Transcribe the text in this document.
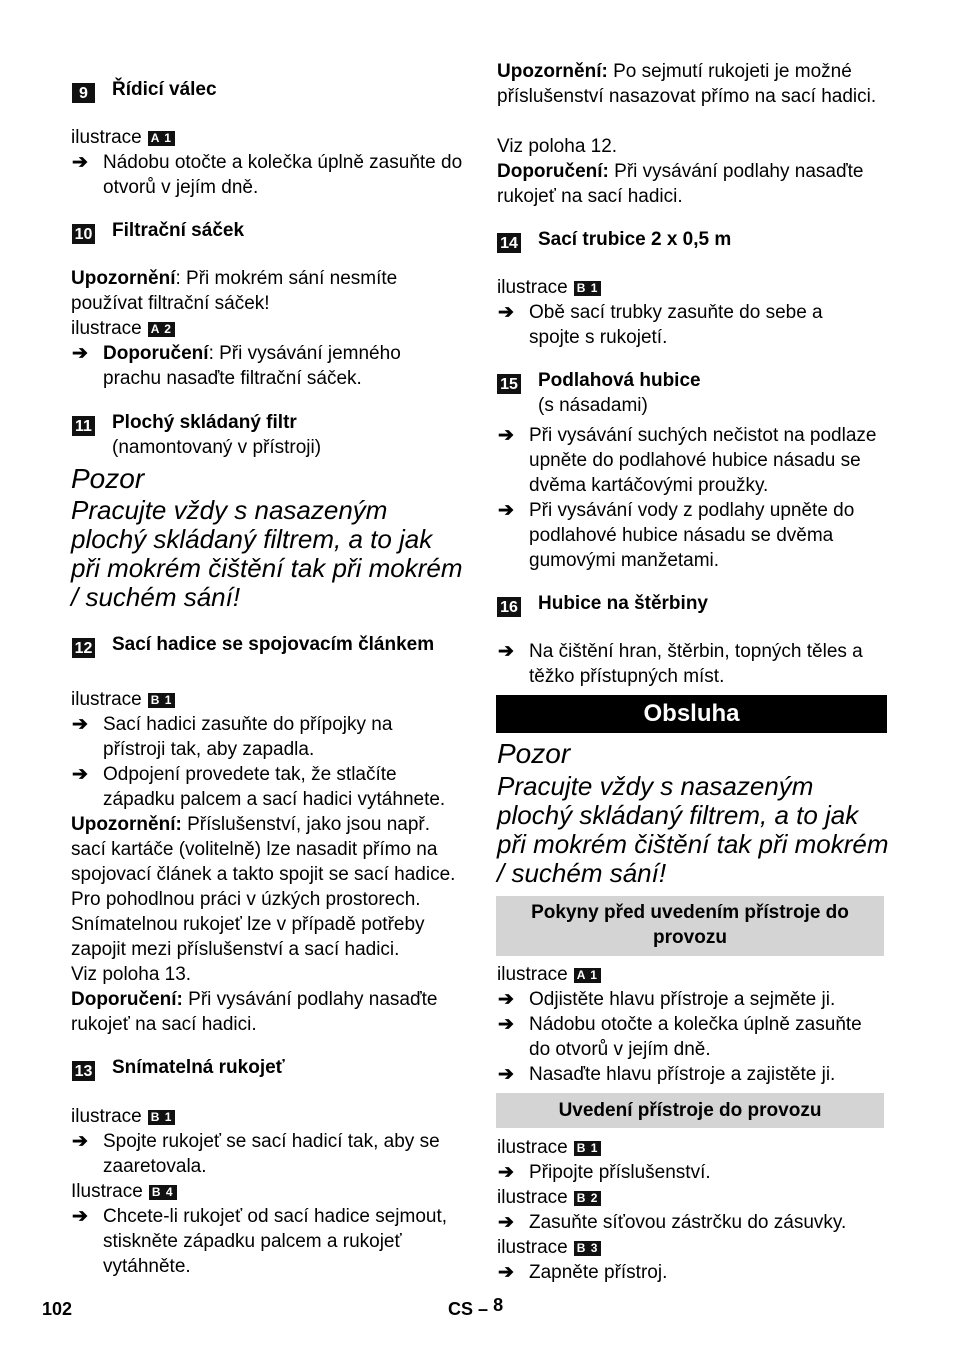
9	Řídicí válec
ilustrace A 1
➔ Nádobu otočte a kolečka úplně zasuňte do otvorů v jejím dně.
10 Filtrační sáček
Upozornění: Při mokrém sání nesmíte používat filtrační sáček!
ilustrace A 2
➔ Doporučení: Při vysávání jemného prachu nasaďte filtrační sáček.
11 Plochý skládaný filtr
(namontovaný v přístroji)
Pozor
Pracujte vždy s nasazeným plochý skládaný filtrem, a to jak při mokrém čištění tak při mokrém / suchém sání!
12 Sací hadice se spojovacím článkem
ilustrace B 1
➔ Sací hadici zasuňte do přípojky na přístroji tak, aby zapadla.
➔ Odpojení provedete tak, že stlačíte západku palcem a sací hadici vytáhnete.
Upozornění: Příslušenství, jako jsou např. sací kartáče (volitelně) lze nasadit přímo na spojovací článek a takto spojit se sací hadice. Pro pohodlnou práci v úzkých prostorech. Snímatelnou rukojeť lze v případě potřeby zapojit mezi příslušenství a sací hadici.
Viz poloha 13.
Doporučení: Při vysávání podlahy nasaďte rukojeť na sací hadici.
13 Snímatelná rukojeť
ilustrace B 1
➔ Spojte rukojeť se sací hadicí tak, aby se zaaretovala.
Ilustrace B 4
➔ Chcete-li rukojeť od sací hadice sejmout, stiskněte západku palcem a rukojeť vytáhněte.
Upozornění: Po sejmutí rukojeti je možné příslušenství nasazovat přímo na sací hadici.
Viz poloha 12.
Doporučení: Při vysávání podlahy nasaďte rukojeť na sací hadici.
14 Sací trubice 2 x 0,5 m
ilustrace B 1
➔ Obě sací trubky zasuňte do sebe a spojte s rukojetí.
15 Podlahová hubice
(s násadami)
➔ Při vysávání suchých nečistot na podlaze upněte do podlahové hubice násadu se dvěma kartáčovými proužky.
➔ Při vysávání vody z podlahy upněte do podlahové hubice násadu se dvěma gumovými manžetami.
16 Hubice na štěrbiny
➔ Na čištění hran, štěrbin, topných těles a těžko přístupných míst.
Obsluha
Pozor
Pracujte vždy s nasazeným plochý skládaný filtrem, a to jak při mokrém čištění tak při mokrém / suchém sání!
Pokyny před uvedením přístroje do provozu
ilustrace A 1
➔ Odjistěte hlavu přístroje a sejměte ji.
➔ Nádobu otočte a kolečka úplně zasuňte do otvorů v jejím dně.
➔ Nasaďte hlavu přístroje a zajistěte ji.
Uvedení přístroje do provozu
ilustrace B 1
➔ Připojte příslušenství.
ilustrace B 2
➔ Zasuňte síťovou zástrčku do zásuvky.
ilustrace B 3
➔ Zapněte přístroj.
102	CS – 8
